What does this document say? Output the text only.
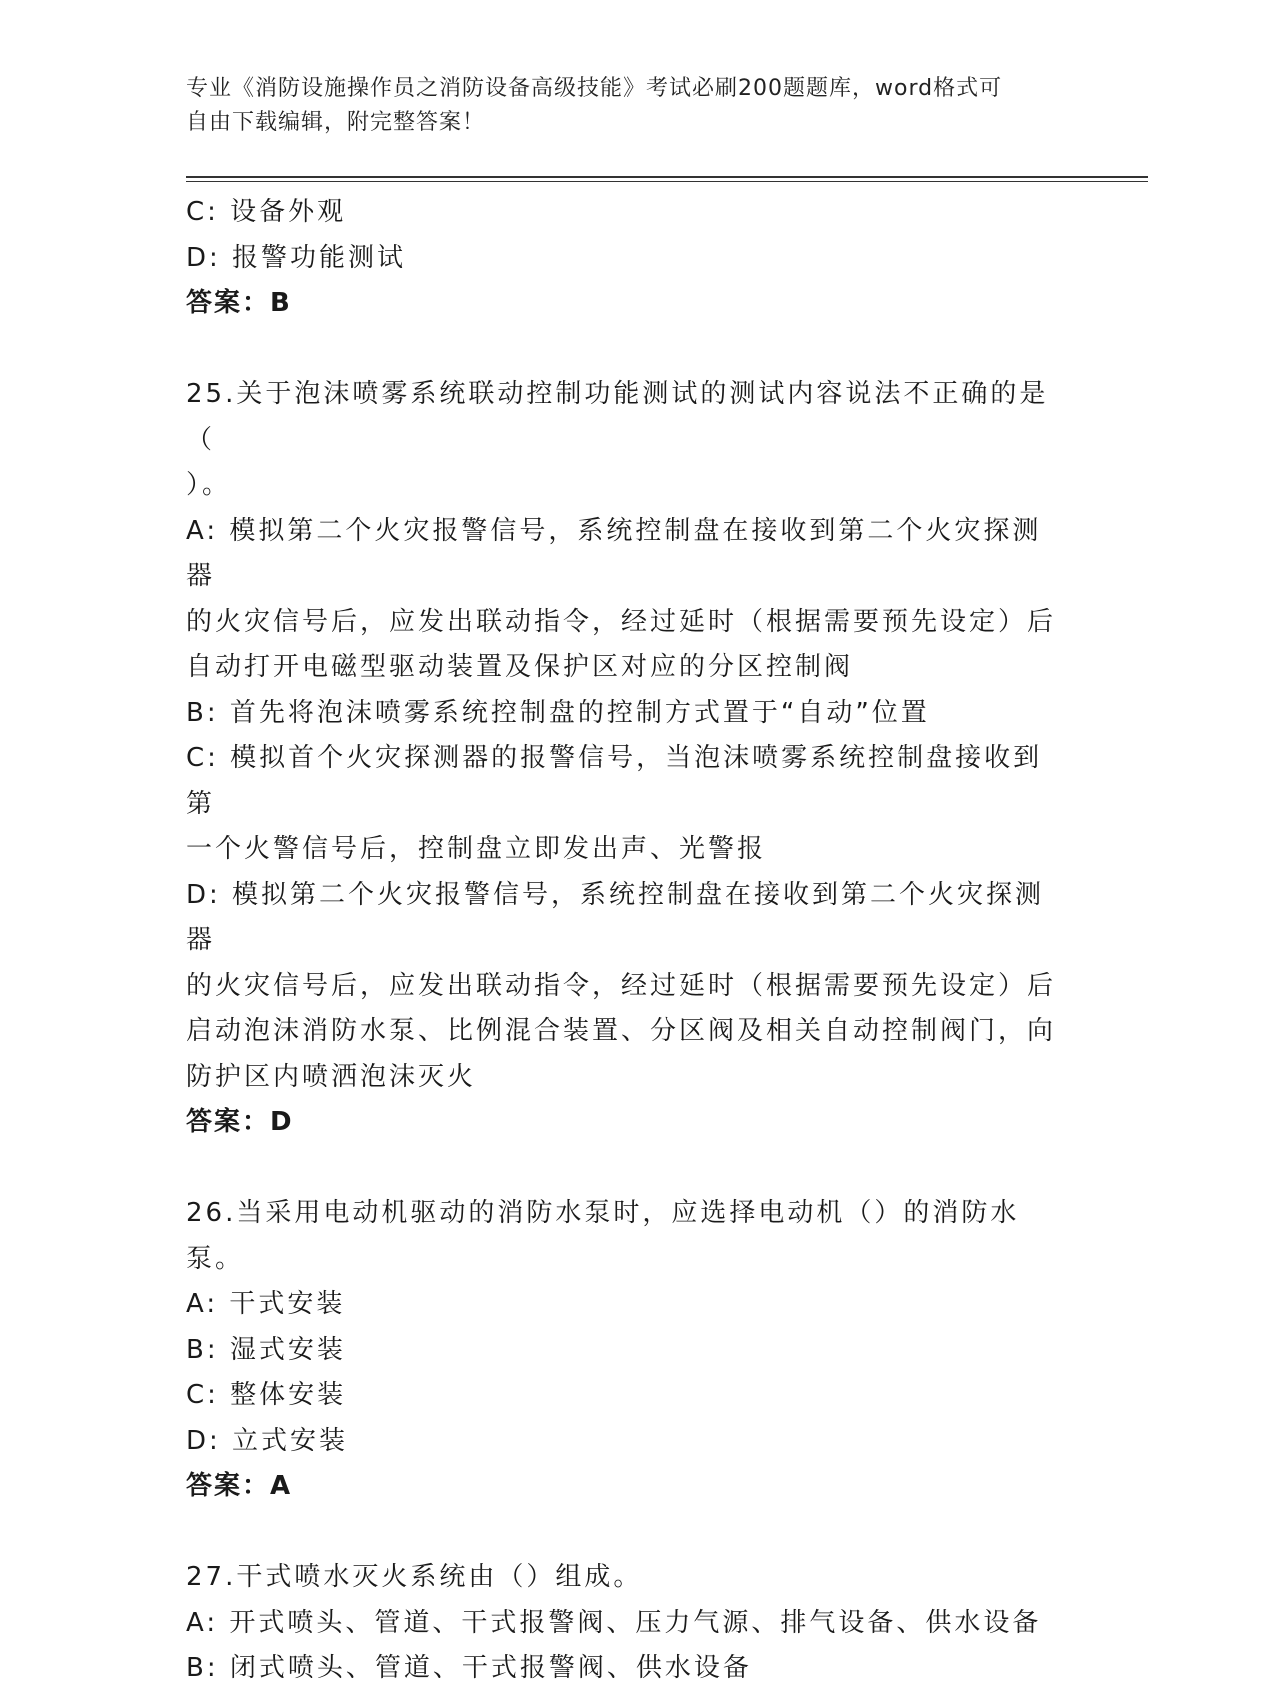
专业《消防设施操作员之消防设备高级技能》考试必刷200题题库，word格式可
自由下载编辑，附完整答案！
C: 设备外观
D: 报警功能测试
答案：B
25.关于泡沫喷雾系统联动控制功能测试的测试内容说法不正确的是（
）。
A: 模拟第二个火灾报警信号，系统控制盘在接收到第二个火灾探测器
的火灾信号后，应发出联动指令，经过延时（根据需要预先设定）后
自动打开电磁型驱动装置及保护区对应的分区控制阀
B: 首先将泡沫喷雾系统控制盘的控制方式置于“自动”位置
C: 模拟首个火灾探测器的报警信号，当泡沫喷雾系统控制盘接收到第
一个火警信号后，控制盘立即发出声、光警报
D: 模拟第二个火灾报警信号，系统控制盘在接收到第二个火灾探测器
的火灾信号后，应发出联动指令，经过延时（根据需要预先设定）后
启动泡沫消防水泵、比例混合装置、分区阀及相关自动控制阀门，向
防护区内喷洒泡沫灭火
答案：D
26.当采用电动机驱动的消防水泵时，应选择电动机（）的消防水泵。
A: 干式安装
B: 湿式安装
C: 整体安装
D: 立式安装
答案：A
27.干式喷水灭火系统由（）组成。
A: 开式喷头、管道、干式报警阀、压力气源、排气设备、供水设备
B: 闭式喷头、管道、干式报警阀、供水设备
